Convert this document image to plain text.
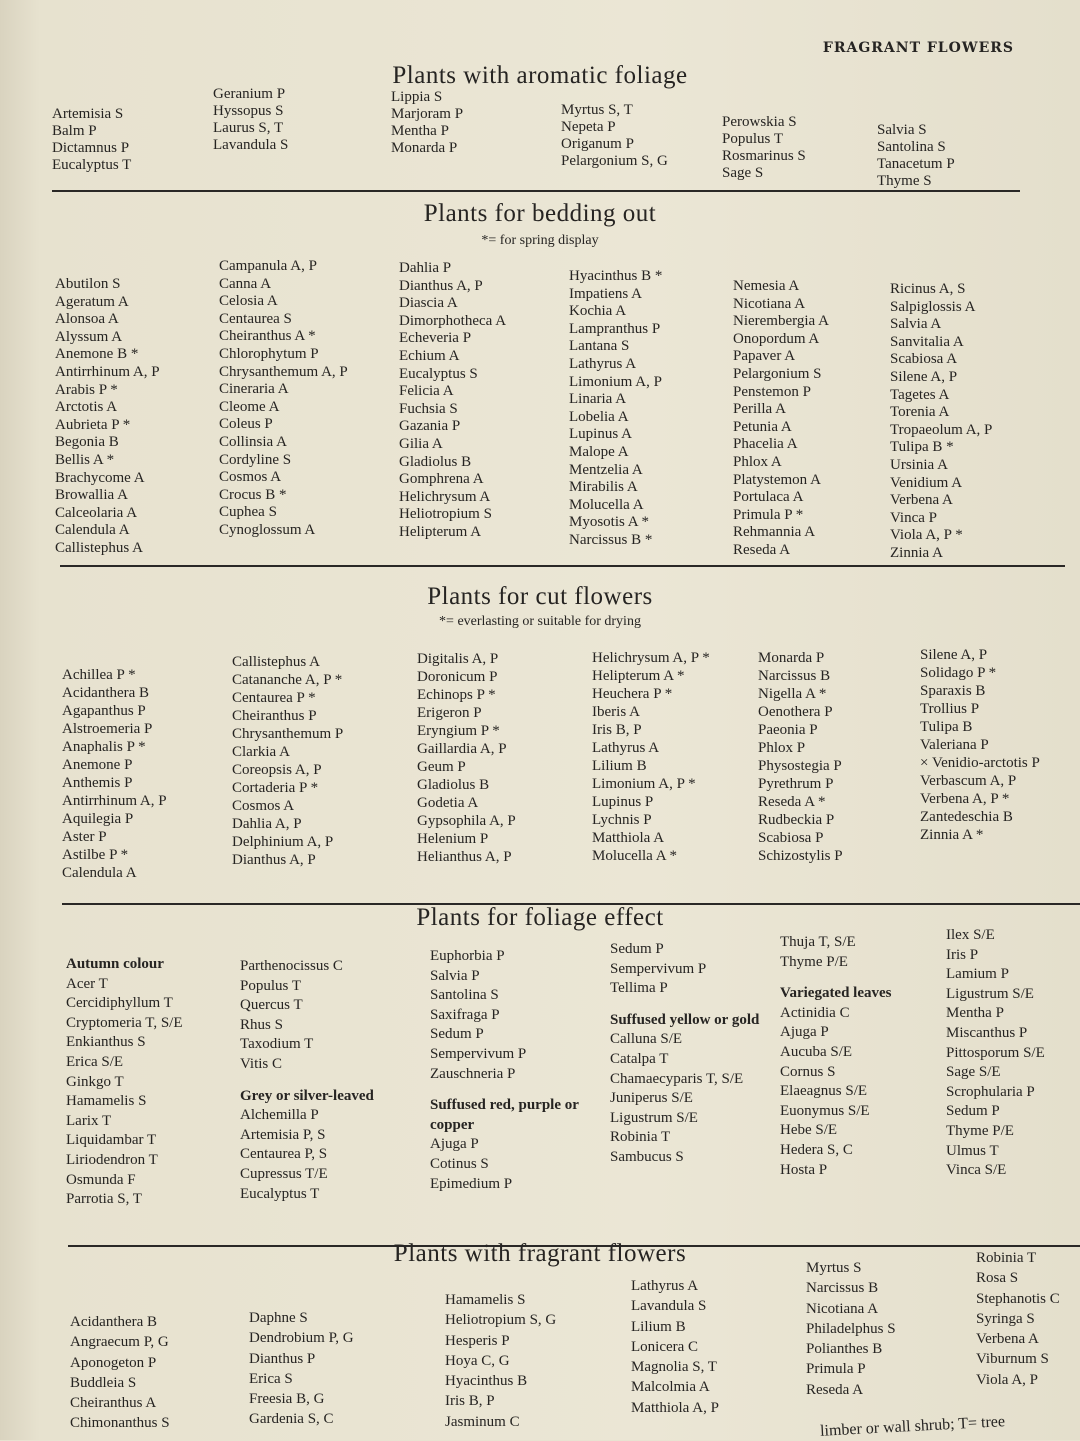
FRAGRANT FLOWERS
Plants with aromatic foliage
Artemisia S
Balm P
Dictamnus P
Eucalyptus T
Geranium P
Hyssopus S
Laurus S, T
Lavandula S
Lippia S
Marjoram P
Mentha P
Monarda P
Myrtus S, T
Nepeta P
Origanum P
Pelargonium S, G
Perowskia S
Populus T
Rosmarinus S
Sage S
Salvia S
Santolina S
Tanacetum P
Thyme S
Plants for bedding out
*= for spring display
Abutilon S
Ageratum A
Alonsoa A
Alyssum A
Anemone B *
Antirrhinum A, P
Arabis P *
Arctotis A
Aubrieta P *
Begonia B
Bellis A *
Brachycome A
Browallia A
Calceolaria A
Calendula A
Callistephus A
Campanula A, P
Canna A
Celosia A
Centaurea S
Cheiranthus A *
Chlorophytum P
Chrysanthemum A, P
Cineraria A
Cleome A
Coleus P
Collinsia A
Cordyline S
Cosmos A
Crocus B *
Cuphea S
Cynoglossum A
Dahlia P
Dianthus A, P
Diascia A
Dimorphotheca A
Echeveria P
Echium A
Eucalyptus S
Felicia A
Fuchsia S
Gazania P
Gilia A
Gladiolus B
Gomphrena A
Helichrysum A
Heliotropium S
Helipterum A
Hyacinthus B *
Impatiens A
Kochia A
Lampranthus P
Lantana S
Lathyrus A
Limonium A, P
Linaria A
Lobelia A
Lupinus A
Malope A
Mentzelia A
Mirabilis A
Molucella A
Myosotis A *
Narcissus B *
Nemesia A
Nicotiana A
Nierembergia A
Onopordum A
Papaver A
Pelargonium S
Penstemon P
Perilla A
Petunia A
Phacelia A
Phlox A
Platystemon A
Portulaca A
Primula P *
Rehmannia A
Reseda A
Ricinus A, S
Salpiglossis A
Salvia A
Sanvitalia A
Scabiosa A
Silene A, P
Tagetes A
Torenia A
Tropaeolum A, P
Tulipa B *
Ursinia A
Venidium A
Verbena A
Vinca P
Viola A, P *
Zinnia A
Plants for cut flowers
*= everlasting or suitable for drying
Achillea P *
Acidanthera B
Agapanthus P
Alstroemeria P
Anaphalis P *
Anemone P
Anthemis P
Antirrhinum A, P
Aquilegia P
Aster P
Astilbe P *
Calendula A
Callistephus A
Catananche A, P *
Centaurea P *
Cheiranthus P
Chrysanthemum P
Clarkia A
Coreopsis A, P
Cortaderia P *
Cosmos A
Dahlia A, P
Delphinium A, P
Dianthus A, P
Digitalis A, P
Doronicum P
Echinops P *
Erigeron P
Eryngium P *
Gaillardia A, P
Geum P
Gladiolus B
Godetia A
Gypsophila A, P
Helenium P
Helianthus A, P
Helichrysum A, P *
Helipterum A *
Heuchera P *
Iberis A
Iris B, P
Lathyrus A
Lilium B
Limonium A, P *
Lupinus P
Lychnis P
Matthiola A
Molucella A *
Monarda P
Narcissus B
Nigella A *
Oenothera P
Paeonia P
Phlox P
Physostegia P
Pyrethrum P
Reseda A *
Rudbeckia P
Scabiosa P
Schizostylis P
Silene A, P
Solidago P *
Sparaxis B
Trollius P
Tulipa B
Valeriana P
× Venidio-arctotis P
Verbascum A, P
Verbena A, P *
Zantedeschia B
Zinnia A *
Plants for foliage effect
Autumn colour
Acer T
Cercidiphyllum T
Cryptomeria T, S/E
Enkianthus S
Erica S/E
Ginkgo T
Hamamelis S
Larix T
Liquidambar T
Liriodendron T
Osmunda F
Parrotia S, T
Parthenocissus C
Populus T
Quercus T
Rhus S
Taxodium T
Vitis C
Grey or silver-leaved
Alchemilla P
Artemisia P, S
Centaurea P, S
Cupressus T/E
Eucalyptus T
Euphorbia P
Salvia P
Santolina S
Saxifraga P
Sedum P
Sempervivum P
Zauschneria P
Suffused red, purple or copper
Ajuga P
Cotinus S
Epimedium P
Sedum P
Sempervivum P
Tellima P
Suffused yellow or gold
Calluna S/E
Catalpa T
Chamaecyparis T, S/E
Juniperus S/E
Ligustrum S/E
Robinia T
Sambucus S
Thuja T, S/E
Thyme P/E
Variegated leaves
Actinidia C
Ajuga P
Aucuba S/E
Cornus S
Elaeagnus S/E
Euonymus S/E
Hebe S/E
Hedera S, C
Hosta P
Ilex S/E
Iris P
Lamium P
Ligustrum S/E
Mentha P
Miscanthus P
Pittosporum S/E
Sage S/E
Scrophularia P
Sedum P
Thyme P/E
Ulmus T
Vinca S/E
Plants with fragrant flowers
Acidanthera B
Angraecum P, G
Aponogeton P
Buddleia S
Cheiranthus A
Chimonanthus S
Daphne S
Dendrobium P, G
Dianthus P
Erica S
Freesia B, G
Gardenia S, C
Hamamelis S
Heliotropium S, G
Hesperis P
Hoya C, G
Hyacinthus B
Iris B, P
Jasminum C
Lathyrus A
Lavandula S
Lilium B
Lonicera C
Magnolia S, T
Malcolmia A
Matthiola A, P
Myrtus S
Narcissus B
Nicotiana A
Philadelphus S
Polianthes B
Primula P
Reseda A
Robinia T
Rosa S
Stephanotis C
Syringa S
Verbena A
Viburnum S
Viola A, P
limber or wall shrub; T= tree
